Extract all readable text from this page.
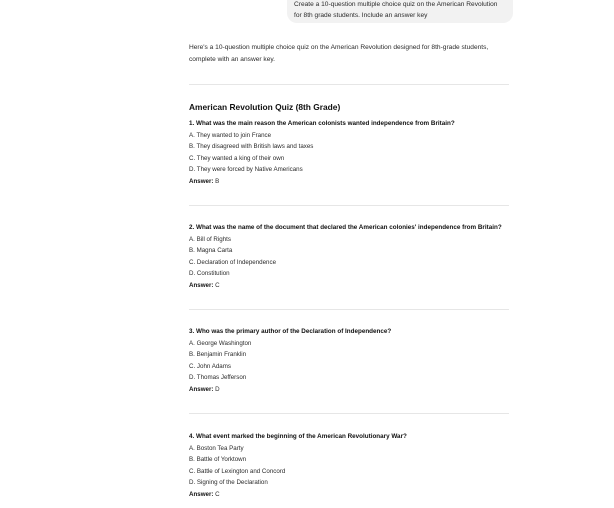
Create a 10-question multiple choice quiz on the American Revolution
for 8th grade students. Include an answer key
Here's a 10-question multiple choice quiz on the American Revolution designed for 8th-grade students,
complete with an answer key.
American Revolution Quiz (8th Grade)
1. What was the main reason the American colonists wanted independence from Britain?
A. They wanted to join France
B. They disagreed with British laws and taxes
C. They wanted a king of their own
D. They were forced by Native Americans
Answer: B
2. What was the name of the document that declared the American colonies' independence from Britain?
A. Bill of Rights
B. Magna Carta
C. Declaration of Independence
D. Constitution
Answer: C
3. Who was the primary author of the Declaration of Independence?
A. George Washington
B. Benjamin Franklin
C. John Adams
D. Thomas Jefferson
Answer: D
4. What event marked the beginning of the American Revolutionary War?
A. Boston Tea Party
B. Battle of Yorktown
C. Battle of Lexington and Concord
D. Signing of the Declaration
Answer: C
